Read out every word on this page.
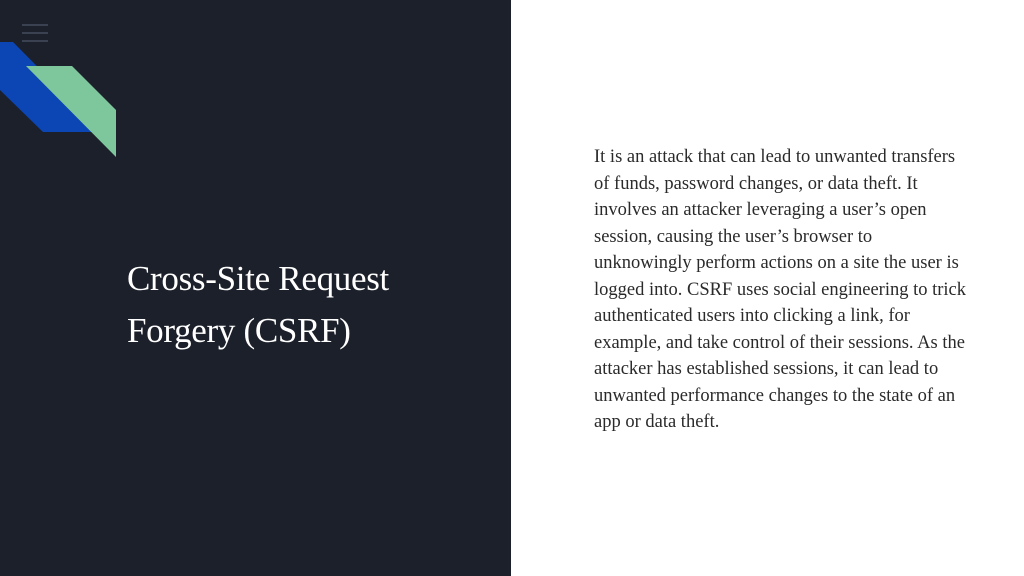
Cross-Site Request Forgery (CSRF)

It is an attack that can lead to unwanted transfers of funds, password changes, or data theft. It involves an attacker leveraging a user’s open session, causing the user’s browser to unknowingly perform actions on a site the user is logged into. CSRF uses social engineering to trick authenticated users into clicking a link, for example, and take control of their sessions. As the attacker has established sessions, it can lead to unwanted performance changes to the state of an app or data theft.
